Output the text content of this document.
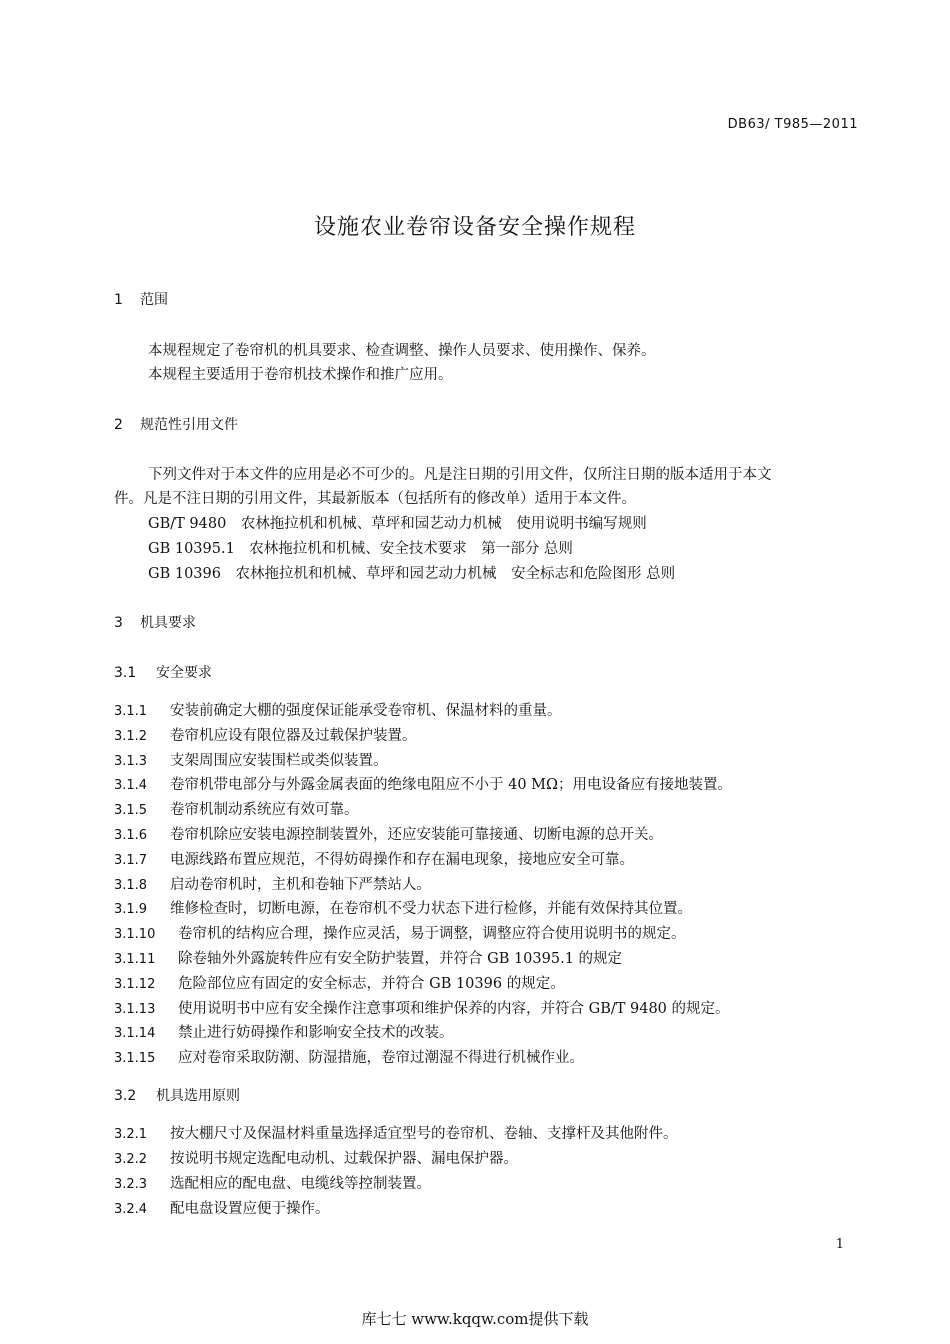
DB63/ T985—2011
设施农业卷帘设备安全操作规程
1 范围
本规程规定了卷帘机的机具要求、检查调整、操作人员要求、使用操作、保养。
本规程主要适用于卷帘机技术操作和推广应用。
2 规范性引用文件
下列文件对于本文件的应用是必不可少的。凡是注日期的引用文件，仅所注日期的版本适用于本文
件。凡是不注日期的引用文件，其最新版本（包括所有的修改单）适用于本文件。
GB/T 9480　农林拖拉机和机械、草坪和园艺动力机械　使用说明书编写规则
GB 10395.1　农林拖拉机和机械、安全技术要求　第一部分 总则
GB 10396　农林拖拉机和机械、草坪和园艺动力机械　安全标志和危险图形 总则
3 机具要求
3.1 安全要求
3.1.1 安装前确定大棚的强度保证能承受卷帘机、保温材料的重量。
3.1.2 卷帘机应设有限位器及过载保护装置。
3.1.3 支架周围应安装围栏或类似装置。
3.1.4 卷帘机带电部分与外露金属表面的绝缘电阻应不小于 40 MΩ；用电设备应有接地装置。
3.1.5 卷帘机制动系统应有效可靠。
3.1.6 卷帘机除应安装电源控制装置外，还应安装能可靠接通、切断电源的总开关。
3.1.7 电源线路布置应规范，不得妨碍操作和存在漏电现象，接地应安全可靠。
3.1.8 启动卷帘机时，主机和卷轴下严禁站人。
3.1.9 维修检查时，切断电源，在卷帘机不受力状态下进行检修，并能有效保持其位置。
3.1.10 卷帘机的结构应合理，操作应灵活，易于调整，调整应符合使用说明书的规定。
3.1.11 除卷轴外外露旋转件应有安全防护装置，并符合 GB 10395.1 的规定
3.1.12 危险部位应有固定的安全标志，并符合 GB 10396 的规定。
3.1.13 使用说明书中应有安全操作注意事项和维护保养的内容，并符合 GB/T 9480 的规定。
3.1.14 禁止进行妨碍操作和影响安全技术的改装。
3.1.15 应对卷帘采取防潮、防湿措施，卷帘过潮湿不得进行机械作业。
3.2 机具选用原则
3.2.1 按大棚尺寸及保温材料重量选择适宜型号的卷帘机、卷轴、支撑杆及其他附件。
3.2.2 按说明书规定选配电动机、过载保护器、漏电保护器。
3.2.3 选配相应的配电盘、电缆线等控制装置。
3.2.4 配电盘设置应便于操作。
1
库七七 www.kqqw.com提供下载
